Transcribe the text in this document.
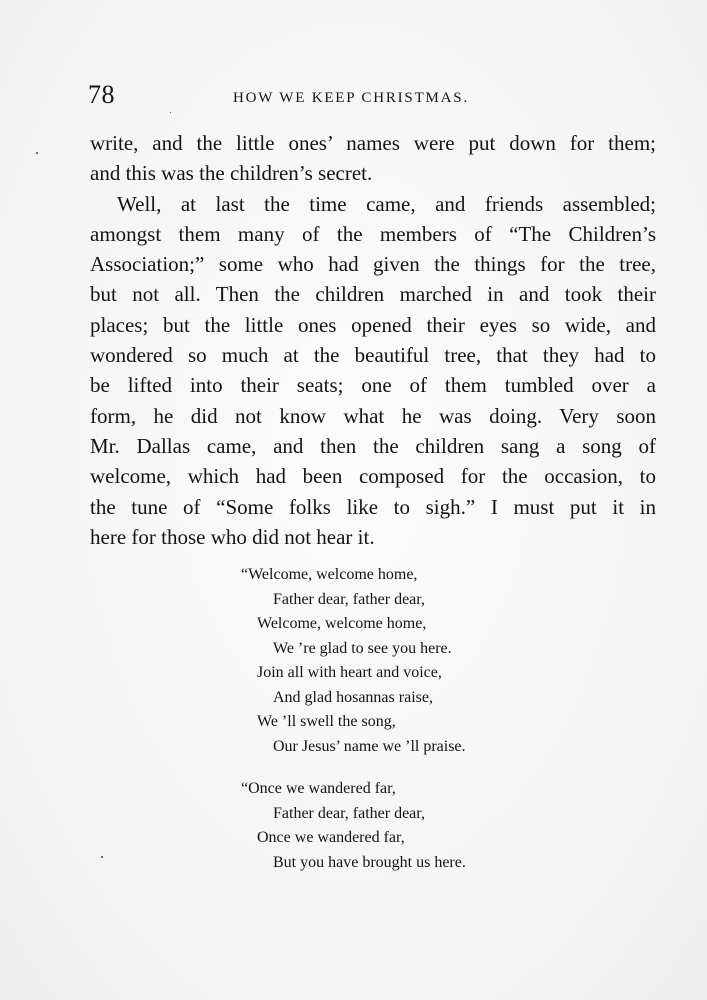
78	HOW WE KEEP CHRISTMAS.
write, and the little ones’ names were put down for them;
and this was the children’s secret.
Well, at last the time came, and friends assembled;
amongst them many of the members of “The Children’s
Association;” some who had given the things for the tree,
but not all. Then the children marched in and took their
places; but the little ones opened their eyes so wide, and
wondered so much at the beautiful tree, that they had to
be lifted into their seats; one of them tumbled over a
form, he did not know what he was doing. Very soon
Mr. Dallas came, and then the children sang a song of
welcome, which had been composed for the occasion, to
the tune of “Some folks like to sigh.” I must put it in
here for those who did not hear it.
“Welcome, welcome home,
Father dear, father dear,
Welcome, welcome home,
We ’re glad to see you here.
Join all with heart and voice,
And glad hosannas raise,
We ’ll swell the song,
Our Jesus’ name we ’ll praise.
“Once we wandered far,
Father dear, father dear,
Once we wandered far,
But you have brought us here.
